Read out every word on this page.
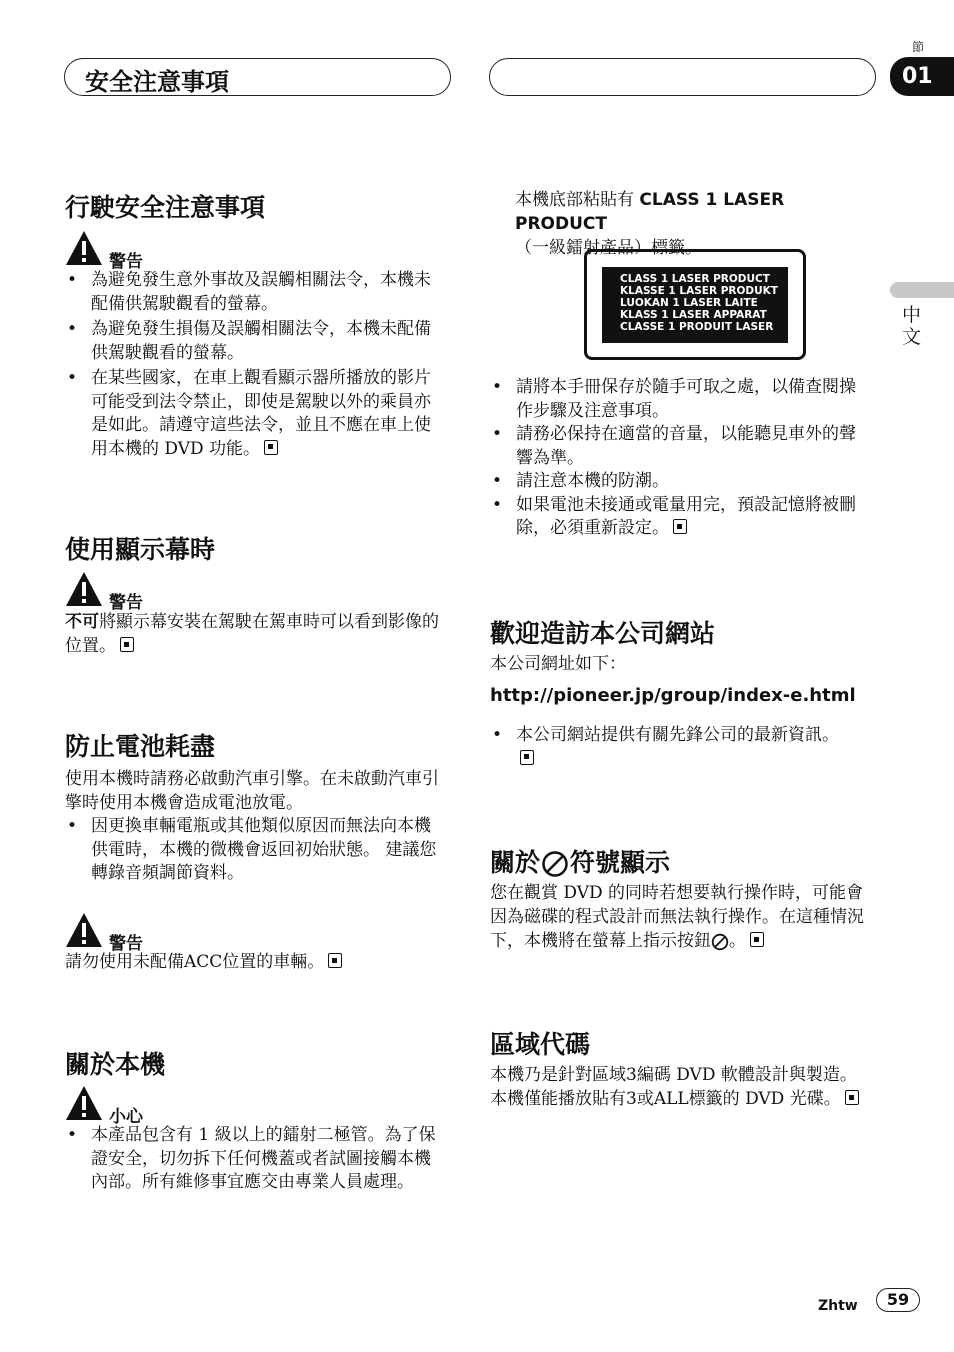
安全注意事項
節
01
中文
行駛安全注意事項
警告
• 為避免發生意外事故及誤觸相關法令，本機未配備供駕駛觀看的螢幕。
• 為避免發生損傷及誤觸相關法令，本機未配備供駕駛觀看的螢幕。
• 在某些國家，在車上觀看顯示器所播放的影片可能受到法令禁止，即使是駕駛以外的乘員亦是如此。請遵守這些法令，並且不應在車上使用本機的 DVD 功能。
使用顯示幕時
警告
不可將顯示幕安裝在駕駛在駕車時可以看到影像的位置。
防止電池耗盡
使用本機時請務必啟動汽車引擎。在未啟動汽車引擎時使用本機會造成電池放電。
• 因更換車輛電瓶或其他類似原因而無法向本機供電時，本機的微機會返回初始狀態。 建議您轉錄音頻調節資料。
警告
請勿使用未配備ACC位置的車輛。
關於本機
小心
• 本產品包含有 1 級以上的鐳射二極管。為了保證安全，切勿拆下任何機蓋或者試圖接觸本機內部。所有維修事宜應交由專業人員處理。
本機底部粘貼有 CLASS 1 LASER PRODUCT
（一級鐳射產品）標籤。
CLASS 1 LASER PRODUCT
KLASSE 1 LASER PRODUKT
LUOKAN 1 LASER LAITE
KLASS 1 LASER APPARAT
CLASSE 1 PRODUIT LASER
• 請將本手冊保存於隨手可取之處，以備查閱操作步驟及注意事項。
• 請務必保持在適當的音量，以能聽見車外的聲響為準。
• 請注意本機的防潮。
• 如果電池未接通或電量用完，預設記憶將被刪除，必須重新設定。
歡迎造訪本公司網站
本公司網址如下：
http://pioneer.jp/group/index-e.html
• 本公司網站提供有關先鋒公司的最新資訊。
關於 符號顯示
您在觀賞 DVD 的同時若想要執行操作時，可能會因為磁碟的程式設計而無法執行操作。在這種情況下，本機將在螢幕上指示按鈕 。
區域代碼
本機乃是針對區域3編碼 DVD 軟體設計與製造。本機僅能播放貼有3或ALL標籤的 DVD 光碟。
Zhtw	59
